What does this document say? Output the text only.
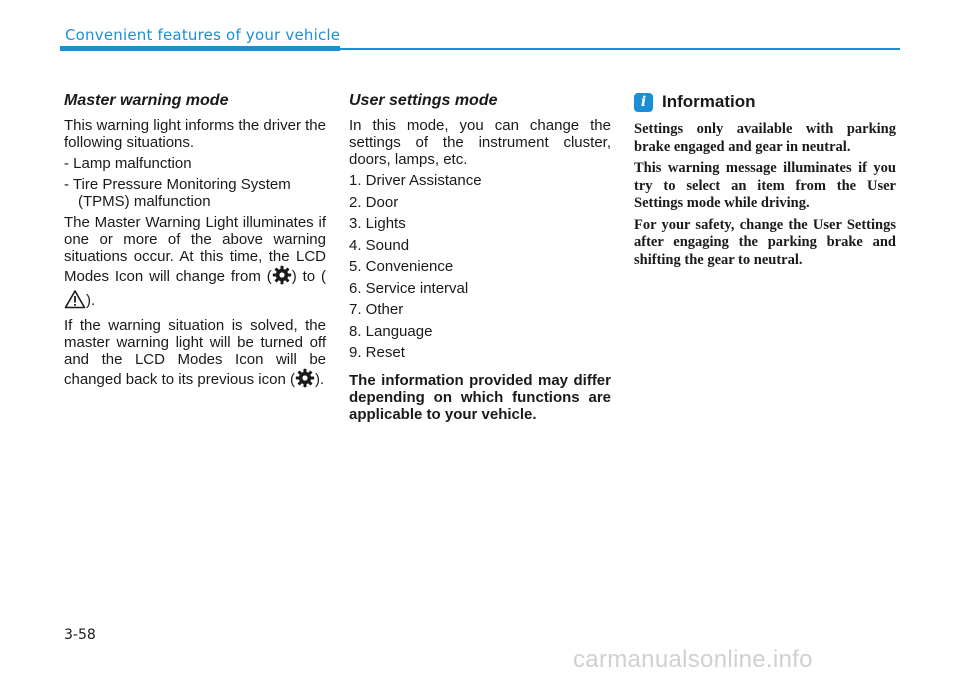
Convenient features of your vehicle
Master warning mode

This warning light informs the driver the following situations.

- Lamp malfunction

- Tire Pressure Monitoring System (TPMS) malfunction

The Master Warning Light illuminates if one or more of the above warning situations occur. At this time, the LCD Modes Icon will change from ( ) to ().

If the warning situation is solved, the master warning light will be turned off and the LCD Modes Icon will be changed back to its previous icon ( ).

User settings mode

In this mode, you can change the settings of the instrument cluster, doors, lamps, etc.

1. Driver Assistance

2. Door

3. Lights

4. Sound

5. Convenience

6. Service interval

7. Other

8. Language

9. Reset

The information provided may differ depending on which functions are applicable to your vehicle.

i Information

Settings only available with parking brake engaged and gear in neutral.

This warning message illuminates if you try to select an item from the User Settings mode while driving.

For your safety, change the User Settings after engaging the parking brake and shifting the gear to neutral.

3-58
carmanualsonline.info
